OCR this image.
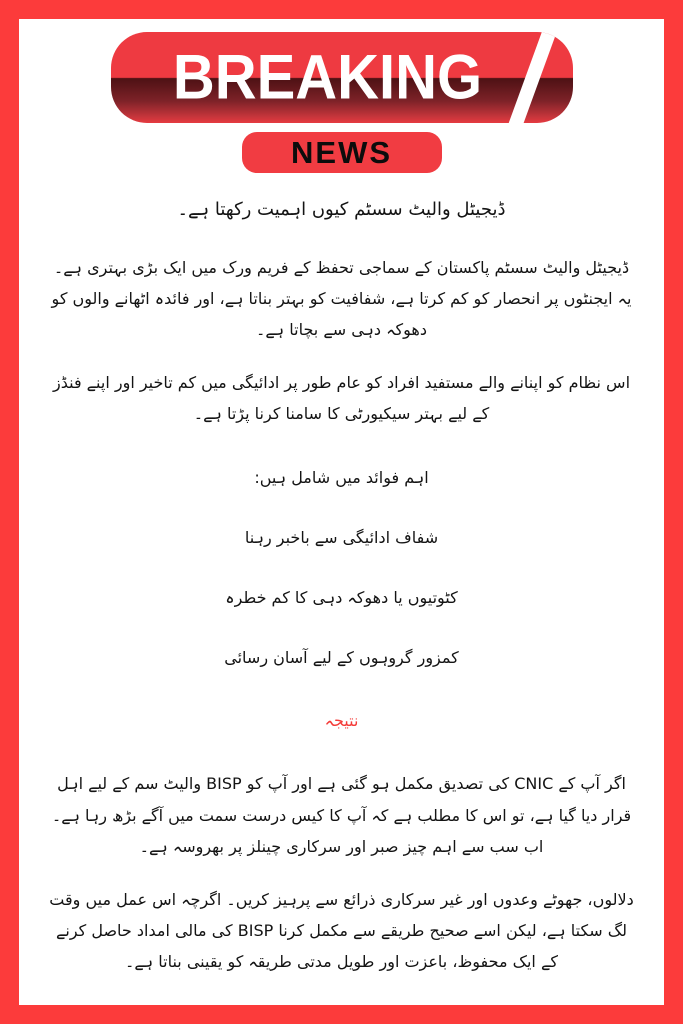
BREAKING
NEWS
ڈیجیٹل والیٹ سسٹم کیوں اہمیت رکھتا ہے۔

ڈیجیٹل والیٹ سسٹم پاکستان کے سماجی تحفظ کے فریم ورک میں ایک بڑی بہتری ہے۔ یہ ایجنٹوں پر انحصار کو کم کرتا ہے، شفافیت کو بہتر بناتا ہے، اور فائدہ اٹھانے والوں کو دھوکہ دہی سے بچاتا ہے۔

اس نظام کو اپنانے والے مستفید افراد کو عام طور پر ادائیگی میں کم تاخیر اور اپنے فنڈز کے لیے بہتر سیکیورٹی کا سامنا کرنا پڑتا ہے۔

اہم فوائد میں شامل ہیں:

شفاف ادائیگی سے باخبر رہنا

کٹوتیوں یا دھوکہ دہی کا کم خطرہ

کمزور گروہوں کے لیے آسان رسائی

نتیجہ

اگر آپ کے CNIC کی تصدیق مکمل ہو گئی ہے اور آپ کو BISP والیٹ سم کے لیے اہل قرار دیا گیا ہے، تو اس کا مطلب ہے کہ آپ کا کیس درست سمت میں آگے بڑھ رہا ہے۔ اب سب سے اہم چیز صبر اور سرکاری چینلز پر بھروسہ ہے۔

دلالوں، جھوٹے وعدوں اور غیر سرکاری ذرائع سے پرہیز کریں۔ اگرچہ اس عمل میں وقت لگ سکتا ہے، لیکن اسے صحیح طریقے سے مکمل کرنا BISP کی مالی امداد حاصل کرنے کے ایک محفوظ، باعزت اور طویل مدتی طریقہ کو یقینی بناتا ہے۔
